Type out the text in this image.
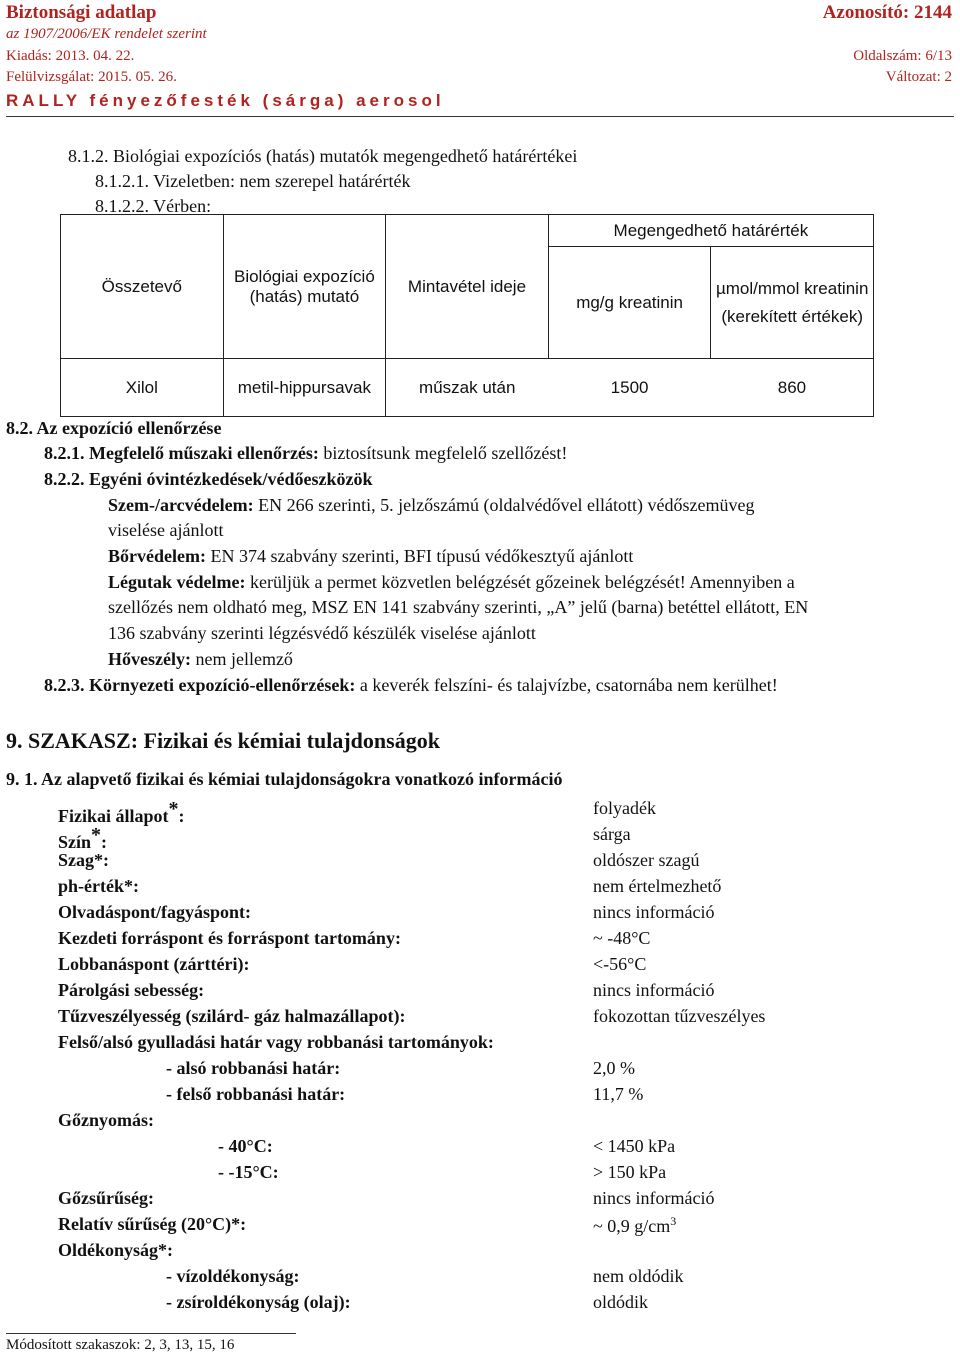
Biztonsági adatlap	Azonosító: 2144
az 1907/2006/EK rendelet szerint
Kiadás: 2013. 04. 22.	Oldalszám: 6/13
Felülvizsgálat: 2015. 05. 26.	Változat: 2
RALLY fényezőfesték (sárga) aerosol
8.1.2. Biológiai expozíciós (hatás) mutatók megengedhető határértékei
8.1.2.1. Vizeletben: nem szerepel határérték
8.1.2.2. Vérben:
Összetevő	Biológiai expozíció (hatás) mutató	Mintavétel ideje	Megengedhető határérték	
			mg/g kreatinin	µmol/mmol kreatinin
(kerekített értékek)

Xilol	metil-hippursavak	műszak után	1500	860
8.2. Az expozíció ellenőrzése
8.2.1. Megfelelő műszaki ellenőrzés: biztosítsunk megfelelő szellőzést!
8.2.2. Egyéni óvintézkedések/védőeszközök
Szem-/arcvédelem: EN 266 szerinti, 5. jelzőszámú (oldalvédővel ellátott) védőszemüveg
viselése ajánlott
Bőrvédelem: EN 374 szabvány szerinti, BFI típusú védőkesztyű ajánlott
Légutak védelme: kerüljük a permet közvetlen belégzését gőzeinek belégzését! Amennyiben a
szellőzés nem oldható meg, MSZ EN 141 szabvány szerinti, „A” jelű (barna) betéttel ellátott, EN
136 szabvány szerinti légzésvédő készülék viselése ajánlott
Hőveszély: nem jellemző
8.2.3. Környezeti expozíció-ellenőrzések: a keverék felszíni- és talajvízbe, csatornába nem kerülhet!
9. SZAKASZ: Fizikai és kémiai tulajdonságok
9. 1. Az alapvető fizikai és kémiai tulajdonságokra vonatkozó információ
Fizikai állapot*:	folyadék
Szín*:	sárga
Szag*:	oldószer szagú
ph-érték*:	nem értelmezhető
Olvadáspont/fagyáspont:	nincs információ
Kezdeti forráspont és forráspont tartomány:	~ -48°C
Lobbanáspont (zárttéri):	<-56°C
Párolgási sebesség:	nincs információ
Tűzveszélyesség (szilárd- gáz halmazállapot):	fokozottan tűzveszélyes
Felső/alsó gyulladási határ vagy robbanási tartományok:
- alsó robbanási határ:	2,0 %
- felső robbanási határ:	11,7 %
Gőznyomás:
- 40°C:	< 1450 kPa
- -15°C:	> 150 kPa
Gőzsűrűség:	nincs információ
Relatív sűrűség (20°C)*:	~ 0,9 $g/cm^3$
Oldékonyság*:
- vízoldékonyság:	nem oldódik
- zsíroldékonyság (olaj):	oldódik
Módosított szakaszok: 2, 3, 13, 15, 16
